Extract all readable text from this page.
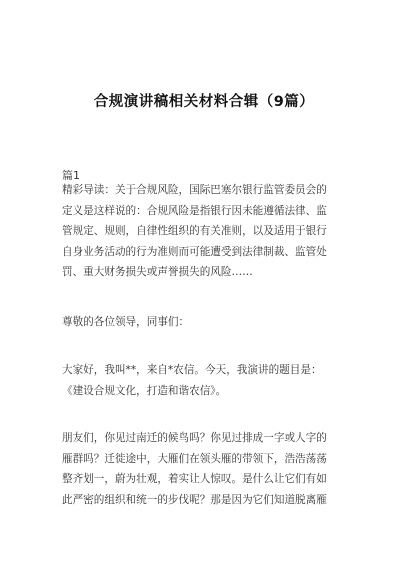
合规演讲稿相关材料合辑（9篇）
篇1

精彩导读：关于合规风险，国际巴塞尔银行监管委员会的
定义是这样说的：合规风险是指银行因未能遵循法律、监
管规定、规则，自律性组织的有关准则，以及适用于银行
自身业务活动的行为准则而可能遭受到法律制裁、监管处
罚、重大财务损失或声誉损失的风险……

尊敬的各位领导，同事们：

大家好，我叫**，来自*农信。今天，我演讲的题目是：
《建设合规文化，打造和谐农信》。

朋友们，你见过南迁的候鸟吗？你见过排成一字或人字的
雁群吗？迁徙途中，大雁们在领头雁的带领下，浩浩荡荡
整齐划一，蔚为壮观，着实让人惊叹。是什么让它们有如
此严密的组织和统一的步伐呢？那是因为它们知道脱离雁
